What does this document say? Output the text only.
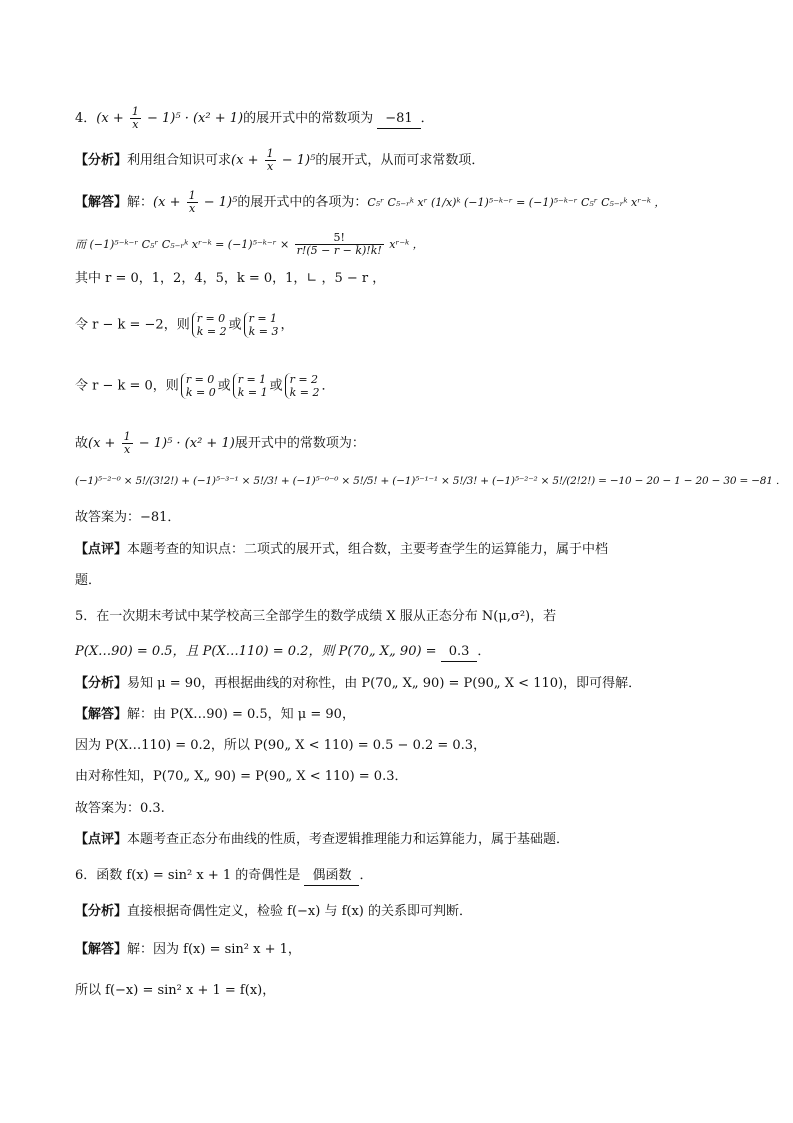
4．$(x + \frac{1}{x} - 1)^5 \cdot (x^2 + 1)$的展开式中的常数项为 −81 ．
【分析】利用组合知识可求$(x + \frac{1}{x} - 1)^5$的展开式，从而可求常数项．
【解答】解：$(x + \frac{1}{x} - 1)^5$的展开式中的各项为：C₅ʳ C₅₋ᵣᵏ xʳ (1/x)ᵏ (−1)⁵⁻ᵏ⁻ʳ = (−1)⁵⁻ᵏ⁻ʳ C₅ʳ C₅₋ᵣᵏ xʳ⁻ᵏ ，
而 (−1)⁵⁻ᵏ⁻ʳ C₅ʳ C₅₋ᵣᵏ xʳ⁻ᵏ = (−1)⁵⁻ᵏ⁻ʳ × $\frac{5!}{r!(5 - r - k)!k!}$ xʳ⁻ᵏ ，
其中 r = 0，1，2，4，5，k = 0，1，∟ ，5 − r ，
令 r − k = −2，则 r = 0
k = 2 或 r = 1
k = 3 ，
令 r − k = 0，则 r = 0
k = 0 或 r = 1
k = 1 或 r = 2
k = 2 ．
故$(x + \frac{1}{x} - 1)^5 \cdot (x^2 + 1)$展开式中的常数项为：
(−1)⁵⁻²⁻⁰ × 5!/(3!2!) + (−1)⁵⁻³⁻¹ × 5!/3! + (−1)⁵⁻⁰⁻⁰ × 5!/5! + (−1)⁵⁻¹⁻¹ × 5!/3! + (−1)⁵⁻²⁻² × 5!/(2!2!) = −10 − 20 − 1 − 20 − 30 = −81 ．
故答案为：−81．
【点评】本题考查的知识点：二项式的展开式，组合数，主要考查学生的运算能力，属于中档
题．
5．在一次期末考试中某学校高三全部学生的数学成绩 X 服从正态分布 N(μ,σ²)，若
P(X…90) = 0.5，且 P(X…110) = 0.2，则 P(70„ X„ 90) = 0.3 ．
【分析】易知 μ = 90，再根据曲线的对称性，由 P(70„ X„ 90) = P(90„ X < 110)，即可得解．
【解答】解：由 P(X…90) = 0.5，知 μ = 90，
因为 P(X…110) = 0.2，所以 P(90„ X < 110) = 0.5 − 0.2 = 0.3，
由对称性知，P(70„ X„ 90) = P(90„ X < 110) = 0.3．
故答案为：0.3.
【点评】本题考查正态分布曲线的性质，考查逻辑推理能力和运算能力，属于基础题．
6．函数 f(x) = sin² x + 1 的奇偶性是 偶函数 ．
【分析】直接根据奇偶性定义，检验 f(−x) 与 f(x) 的关系即可判断．
【解答】解：因为 f(x) = sin² x + 1，
所以 f(−x) = sin² x + 1 = f(x)，
